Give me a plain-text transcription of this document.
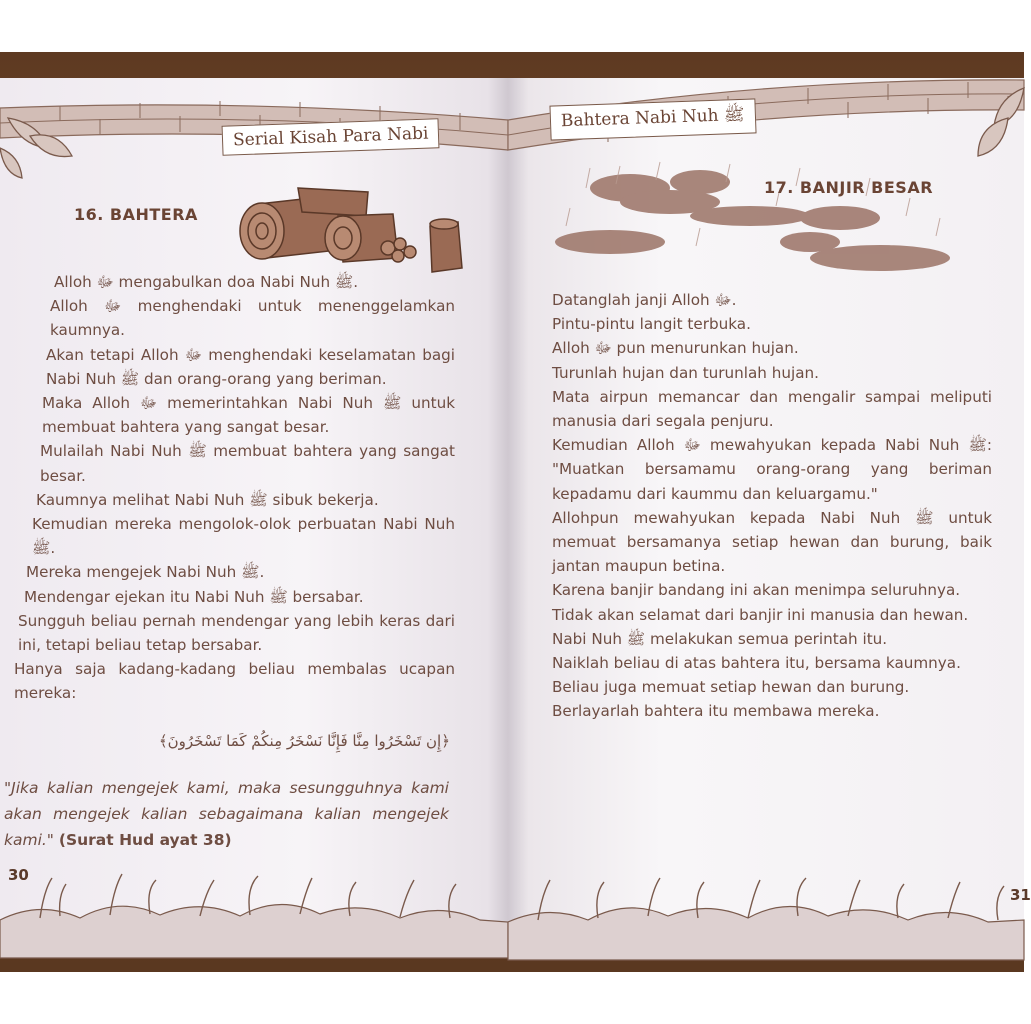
Serial Kisah Para Nabi
16. BAHTERA

Alloh ﷻ mengabulkan doa Nabi Nuh ﷺ.

Alloh ﷻ menghendaki untuk menenggelamkan kaumnya.

Akan tetapi Alloh ﷻ menghendaki keselamatan bagi Nabi Nuh ﷺ dan orang-orang yang beriman.

Maka Alloh ﷻ memerintahkan Nabi Nuh ﷺ untuk membuat bahtera yang sangat besar.

Mulailah Nabi Nuh ﷺ membuat bahtera yang sangat besar.

Kaumnya melihat Nabi Nuh ﷺ sibuk bekerja.

Kemudian mereka mengolok-olok perbuatan Nabi Nuh ﷺ.

Mereka mengejek Nabi Nuh ﷺ.

Mendengar ejekan itu Nabi Nuh ﷺ bersabar.

Sungguh beliau pernah mendengar yang lebih keras dari ini, tetapi beliau tetap bersabar.

Hanya saja kadang-kadang beliau membalas ucapan mereka:

﴿إِن تَسْخَرُوا مِنَّا فَإِنَّا نَسْخَرُ مِنكُمْ كَمَا تَسْخَرُونَ﴾
"Jika kalian mengejek kami, maka sesungguhnya kami akan mengejek kalian sebagaimana kalian mengejek kami." (Surat Hud ayat 38)
30
Bahtera Nabi Nuh ﷺ
17. BANJIR BESAR

Datanglah janji Alloh ﷻ.

Pintu-pintu langit terbuka.

Alloh ﷻ pun menurunkan hujan.

Turunlah hujan dan turunlah hujan.

Mata airpun memancar dan mengalir sampai meliputi manusia dari segala penjuru.

Kemudian Alloh ﷻ mewahyukan kepada Nabi Nuh ﷺ: "Muatkan bersamamu orang-orang yang beriman kepadamu dari kaummu dan keluargamu."

Allohpun mewahyukan kepada Nabi Nuh ﷺ untuk memuat bersamanya setiap hewan dan burung, baik jantan maupun betina.

Karena banjir bandang ini akan menimpa seluruhnya.

Tidak akan selamat dari banjir ini manusia dan hewan.

Nabi Nuh ﷺ melakukan semua perintah itu.

Naiklah beliau di atas bahtera itu, bersama kaumnya.

Beliau juga memuat setiap hewan dan burung.

Berlayarlah bahtera itu membawa mereka.

31
